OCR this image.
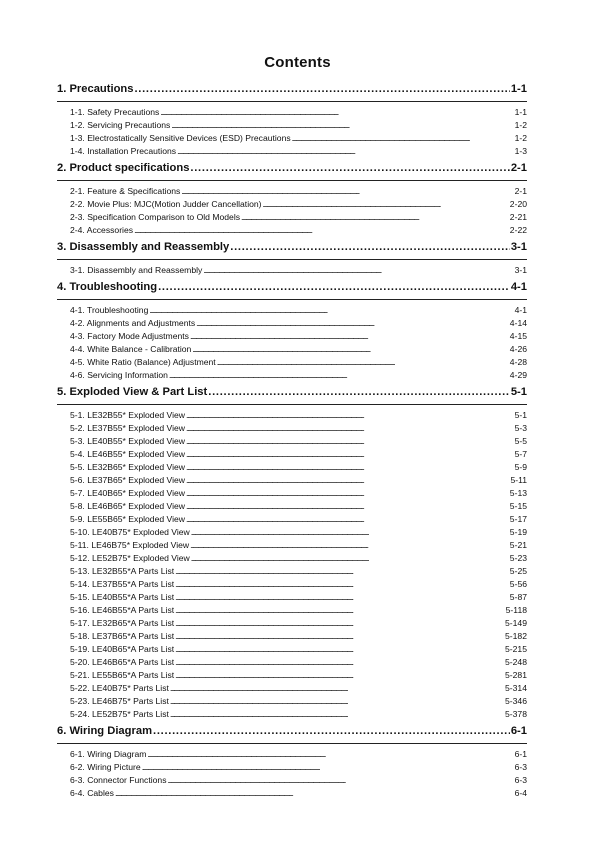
Contents
1. Precautions . . .	1-1
1-1. Safety Precautions . . .	1-1
1-2. Servicing Precautions . . .	1-2
1-3. Electrostatically Sensitive Devices (ESD) Precautions . . .	1-2
1-4. Installation Precautions . . .	1-3
2. Product specifications . . .	2-1
2-1. Feature & Specifications . . .	2-1
2-2. Movie Plus: MJC(Motion Judder Cancellation) . . .	2-20
2-3. Specification Comparison to Old Models . . .	2-21
2-4. Accessories . . .	2-22
3. Disassembly and Reassembly . . .	3-1
3-1. Disassembly and Reassembly . . .	3-1
4. Troubleshooting . . .	4-1
4-1. Troubleshooting . . .	4-1
4-2. Alignments and Adjustments . . .	4-14
4-3. Factory Mode Adjustments . . .	4-15
4-4. White Balance - Calibration . . .	4-26
4-5. White Ratio (Balance) Adjustment . . .	4-28
4-6. Servicing Information . . .	4-29
5. Exploded View & Part List . . .	5-1
5-1. LE32B55* Exploded View . . .	5-1
5-2. LE37B55* Exploded View . . .	5-3
5-3. LE40B55* Exploded View . . .	5-5
5-4. LE46B55* Exploded View . . .	5-7
5-5. LE32B65* Exploded View . . .	5-9
5-6. LE37B65* Exploded View . . .	5-11
5-7. LE40B65* Exploded View . . .	5-13
5-8. LE46B65* Exploded View . . .	5-15
5-9. LE55B65* Exploded View . . .	5-17
5-10. LE40B75* Exploded View . . .	5-19
5-11. LE46B75* Exploded View . . .	5-21
5-12. LE52B75* Exploded View . . .	5-23
5-13. LE32B55*A Parts List . . .	5-25
5-14. LE37B55*A Parts List . . .	5-56
5-15. LE40B55*A Parts List . . .	5-87
5-16. LE46B55*A Parts List . . .	5-118
5-17. LE32B65*A Parts List . . .	5-149
5-18. LE37B65*A Parts List . . .	5-182
5-19. LE40B65*A Parts List . . .	5-215
5-20. LE46B65*A Parts List . . .	5-248
5-21. LE55B65*A Parts List . . .	5-281
5-22. LE40B75* Parts List . . .	5-314
5-23. LE46B75* Parts List . . .	5-346
5-24. LE52B75* Parts List . . .	5-378
6. Wiring Diagram . . .	6-1
6-1. Wiring Diagram . . .	6-1
6-2. Wiring Picture . . .	6-3
6-3. Connector Functions . . .	6-3
6-4. Cables . . .	6-4
